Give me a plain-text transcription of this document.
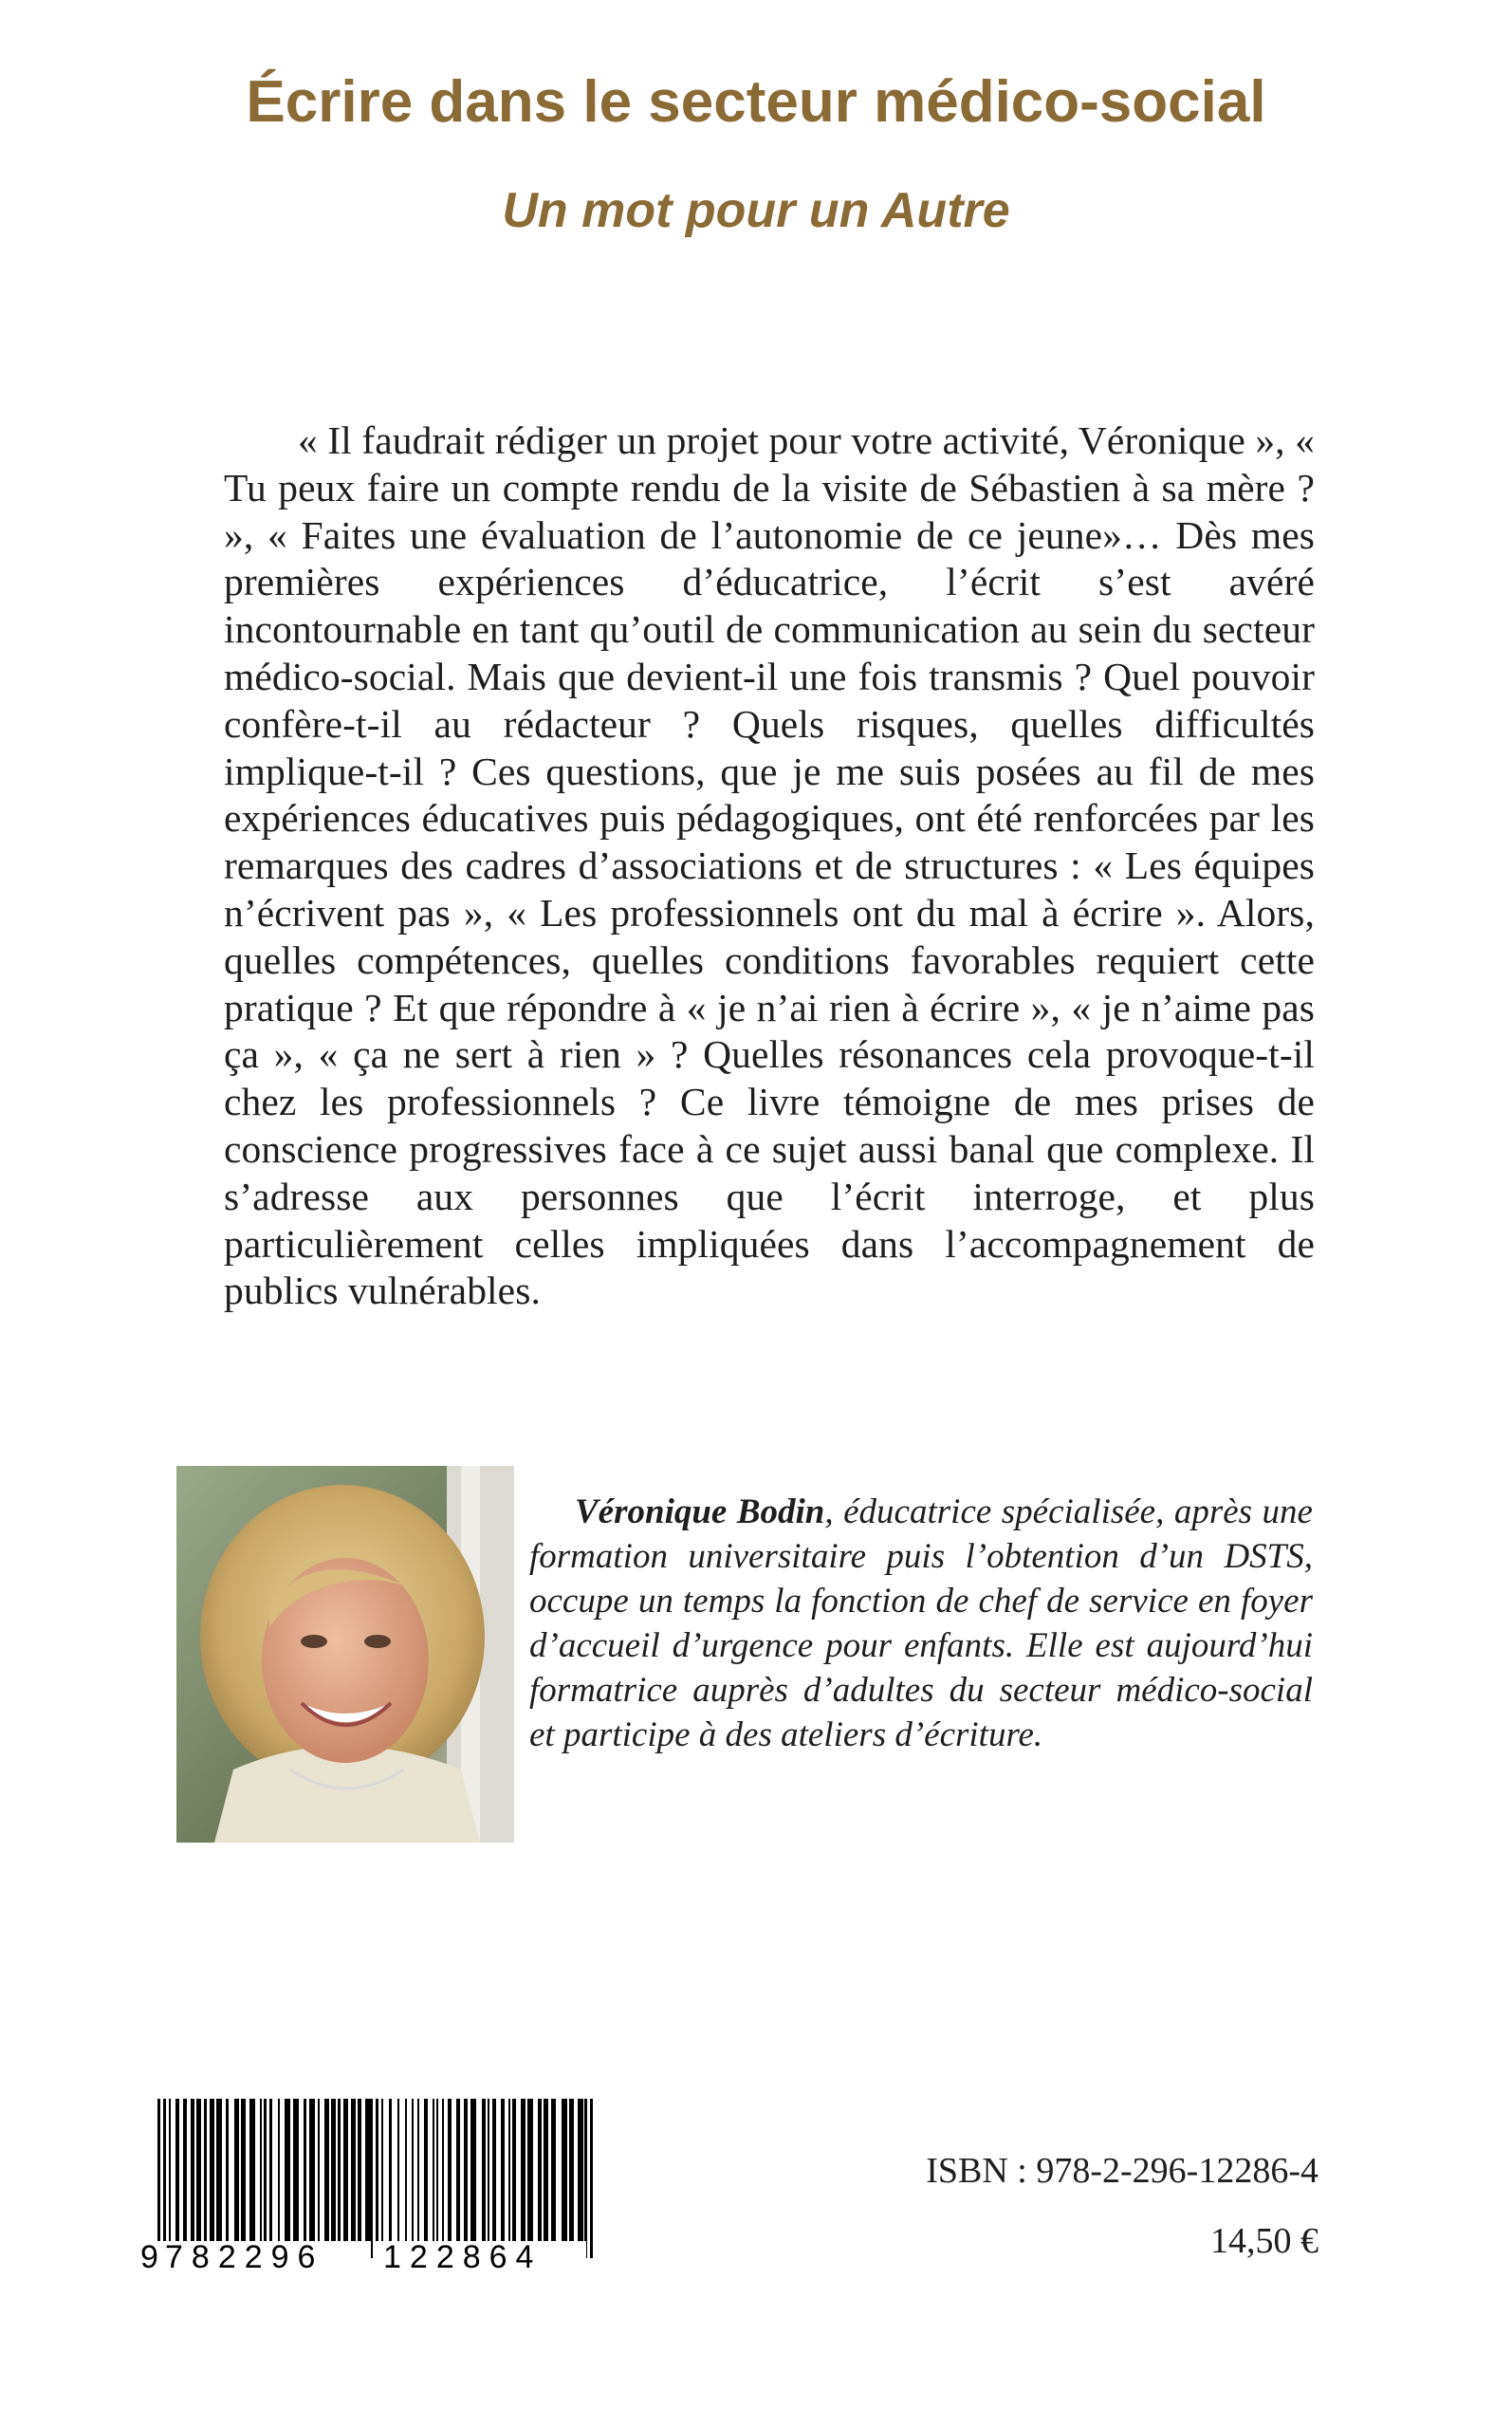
Écrire dans le secteur médico-social
Un mot pour un Autre

« Il faudrait rédiger un projet pour votre activité, Véronique », « Tu peux faire un compte rendu de la visite de Sébastien à sa mère ? », « Faites une évaluation de l’autonomie de ce jeune»… Dès mes premières expériences d’éducatrice, l’écrit s’est avéré incontournable en tant qu’outil de communication au sein du secteur médico-social. Mais que devient-il une fois transmis ? Quel pouvoir confère-t-il au rédacteur ? Quels risques, quelles difficultés implique-t-il ? Ces questions, que je me suis posées au fil de mes expériences éducatives puis pédagogiques, ont été renforcées par les remarques des cadres d’associations et de structures : « Les équipes n’écrivent pas », « Les professionnels ont du mal à écrire ». Alors, quelles compétences, quelles conditions favorables requiert cette pratique ? Et que répondre à « je n’ai rien à écrire », « je n’aime pas ça », « ça ne sert à rien » ? Quelles résonances cela provoque-t-il chez les professionnels ? Ce livre témoigne de mes prises de conscience progressives face à ce sujet aussi banal que complexe. Il s’adresse aux personnes que l’écrit interroge, et plus particulièrement celles impliquées dans l’accompagnement de publics vulnérables.

Véronique Bodin, éducatrice spécialisée, après une formation universitaire puis l’obtention d’un DSTS, occupe un temps la fonction de chef de service en foyer d’accueil d’urgence pour enfants. Elle est aujourd’hui formatrice auprès d’adultes du secteur médico-social et participe à des ateliers d’écriture.

9 782296 122864

ISBN : 978-2-296-12286-4

14,50 €
